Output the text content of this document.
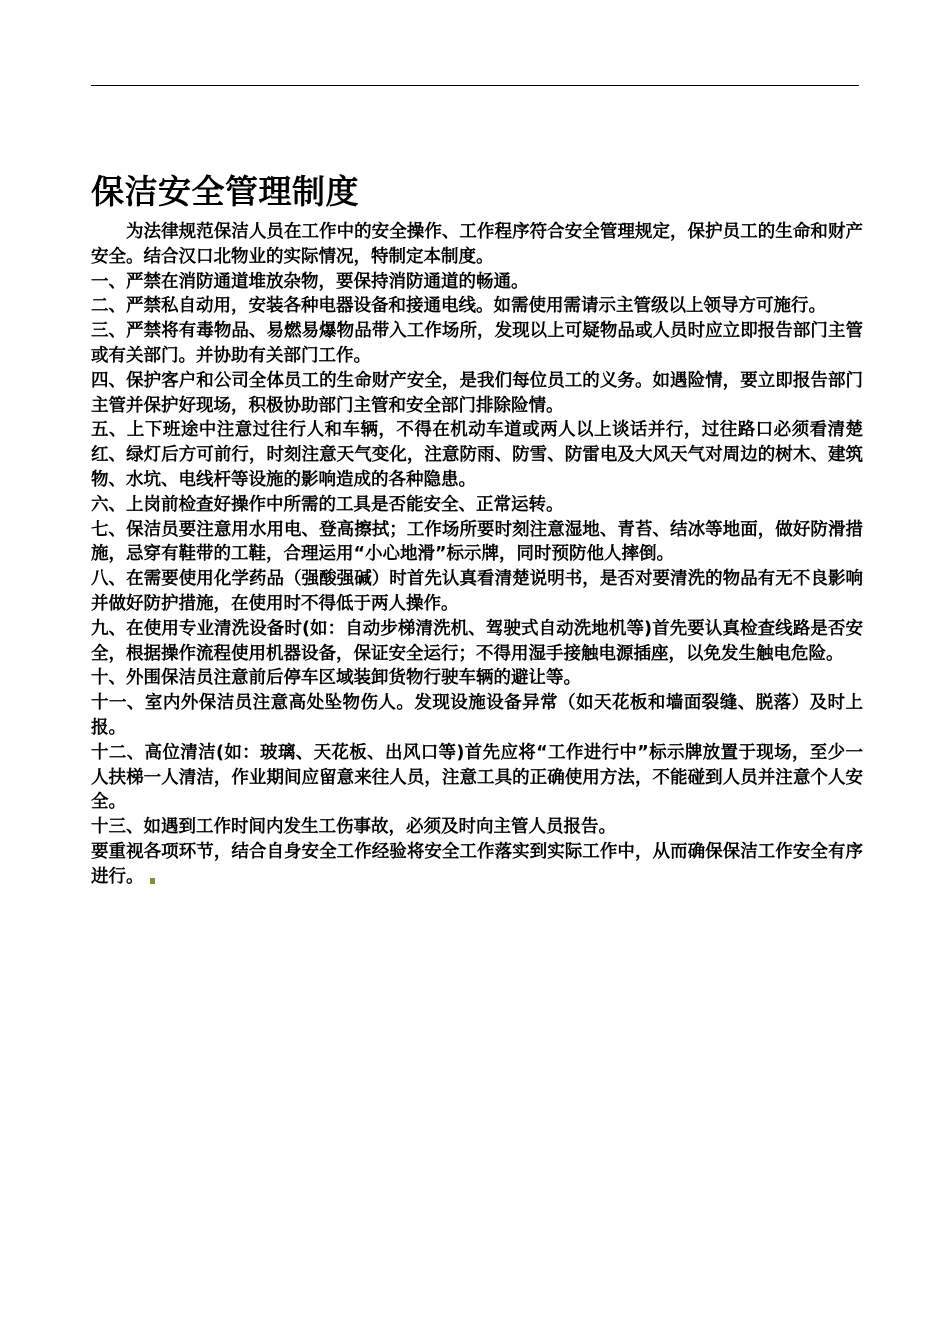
保洁安全管理制度

为法律规范保洁人员在工作中的安全操作、工作程序符合安全管理规定，保护员工的生命和财产安全。结合汉口北物业的实际情况，特制定本制度。

一、严禁在消防通道堆放杂物，要保持消防通道的畅通。

二、严禁私自动用，安装各种电器设备和接通电线。如需使用需请示主管级以上领导方可施行。

三、严禁将有毒物品、易燃易爆物品带入工作场所，发现以上可疑物品或人员时应立即报告部门主管或有关部门。并协助有关部门工作。

四、保护客户和公司全体员工的生命财产安全，是我们每位员工的义务。如遇险情，要立即报告部门主管并保护好现场，积极协助部门主管和安全部门排除险情。

五、上下班途中注意过往行人和车辆，不得在机动车道或两人以上谈话并行，过往路口必须看清楚红、绿灯后方可前行，时刻注意天气变化，注意防雨、防雪、防雷电及大风天气对周边的树木、建筑物、水坑、电线杆等设施的影响造成的各种隐患。

六、上岗前检查好操作中所需的工具是否能安全、正常运转。

七、保洁员要注意用水用电、登高擦拭；工作场所要时刻注意湿地、青苔、结冰等地面，做好防滑措施，忌穿有鞋带的工鞋，合理运用“小心地滑”标示牌，同时预防他人摔倒。

八、在需要使用化学药品（强酸强碱）时首先认真看清楚说明书，是否对要清洗的物品有无不良影响并做好防护措施，在使用时不得低于两人操作。

九、在使用专业清洗设备时(如：自动步梯清洗机、驾驶式自动洗地机等)首先要认真检查线路是否安全，根据操作流程使用机器设备，保证安全运行；不得用湿手接触电源插座，以免发生触电危险。

十、外围保洁员注意前后停车区域装卸货物行驶车辆的避让等。

十一、室内外保洁员注意高处坠物伤人。发现设施设备异常（如天花板和墙面裂缝、脱落）及时上报。

十二、高位清洁(如：玻璃、天花板、出风口等)首先应将“工作进行中”标示牌放置于现场，至少一人扶梯一人清洁，作业期间应留意来往人员，注意工具的正确使用方法，不能碰到人员并注意个人安全。

十三、如遇到工作时间内发生工伤事故，必须及时向主管人员报告。

要重视各项环节，结合自身安全工作经验将安全工作落实到实际工作中，从而确保保洁工作安全有序进行。
